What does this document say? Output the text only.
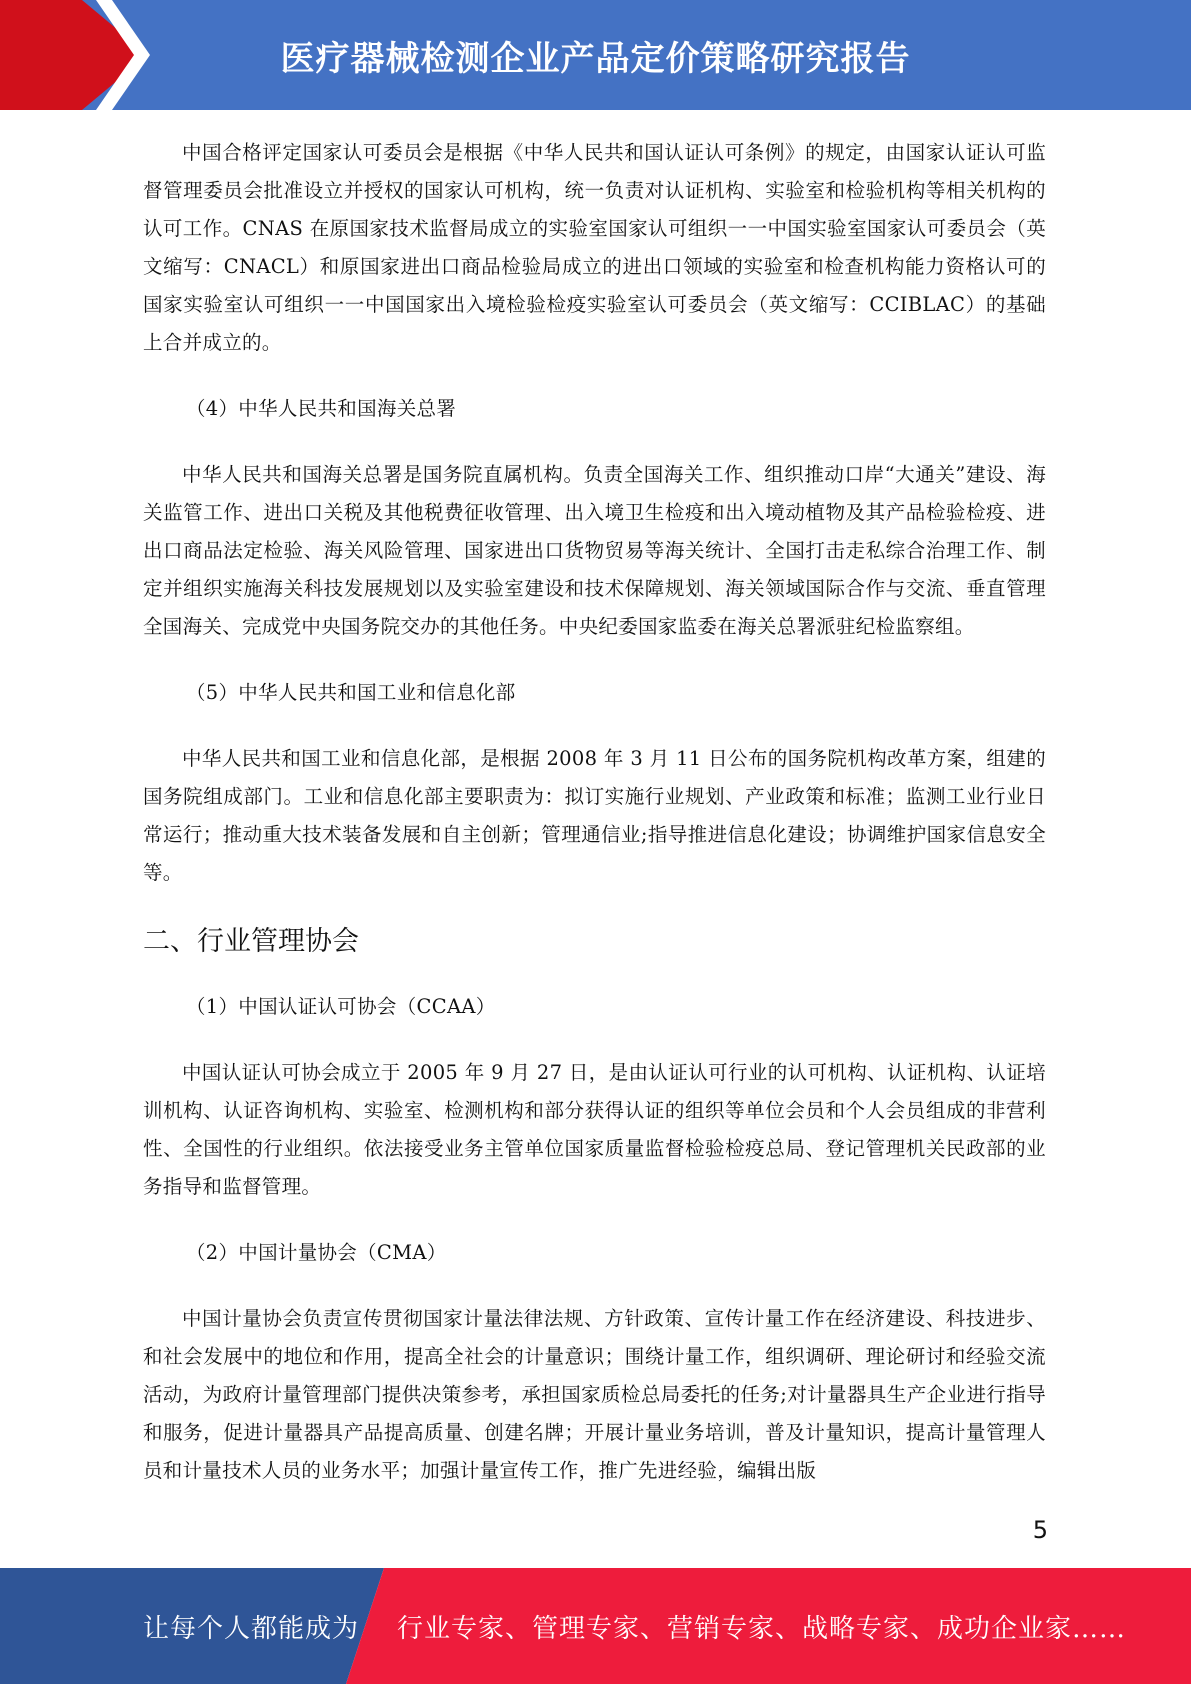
医疗器械检测企业产品定价策略研究报告

中国合格评定国家认可委员会是根据《中华人民共和国认证认可条例》的规定，由国家认证认可监督管理委员会批准设立并授权的国家认可机构，统一负责对认证机构、实验室和检验机构等相关机构的认可工作。CNAS 在原国家技术监督局成立的实验室国家认可组织一一中国实验室国家认可委员会（英文缩写：CNACL）和原国家进出口商品检验局成立的进出口领域的实验室和检查机构能力资格认可的国家实验室认可组织一一中国国家出入境检验检疫实验室认可委员会（英文缩写：CCIBLAC）的基础上合并成立的。

（4）中华人民共和国海关总署

中华人民共和国海关总署是国务院直属机构。负责全国海关工作、组织推动口岸“大通关”建设、海关监管工作、进出口关税及其他税费征收管理、出入境卫生检疫和出入境动植物及其产品检验检疫、进出口商品法定检验、海关风险管理、国家进出口货物贸易等海关统计、全国打击走私综合治理工作、制定并组织实施海关科技发展规划以及实验室建设和技术保障规划、海关领域国际合作与交流、垂直管理全国海关、完成党中央国务院交办的其他任务。中央纪委国家监委在海关总署派驻纪检监察组。

（5）中华人民共和国工业和信息化部

中华人民共和国工业和信息化部，是根据 2008 年 3 月 11 日公布的国务院机构改革方案，组建的国务院组成部门。工业和信息化部主要职责为：拟订实施行业规划、产业政策和标准；监测工业行业日常运行；推动重大技术装备发展和自主创新；管理通信业;指导推进信息化建设；协调维护国家信息安全等。

二、行业管理协会

（1）中国认证认可协会（CCAA）

中国认证认可协会成立于 2005 年 9 月 27 日，是由认证认可行业的认可机构、认证机构、认证培训机构、认证咨询机构、实验室、检测机构和部分获得认证的组织等单位会员和个人会员组成的非营利性、全国性的行业组织。依法接受业务主管单位国家质量监督检验检疫总局、登记管理机关民政部的业务指导和监督管理。

（2）中国计量协会（CMA）

中国计量协会负责宣传贯彻国家计量法律法规、方针政策、宣传计量工作在经济建设、科技进步、和社会发展中的地位和作用，提高全社会的计量意识；围绕计量工作，组织调研、理论研讨和经验交流活动，为政府计量管理部门提供决策参考，承担国家质检总局委托的任务;对计量器具生产企业进行指导和服务，促进计量器具产品提高质量、创建名牌；开展计量业务培训，普及计量知识，提高计量管理人员和计量技术人员的业务水平；加强计量宣传工作，推广先进经验，编辑出版

5
让每个人都能成为 行业专家、管理专家、营销专家、战略专家、成功企业家……
